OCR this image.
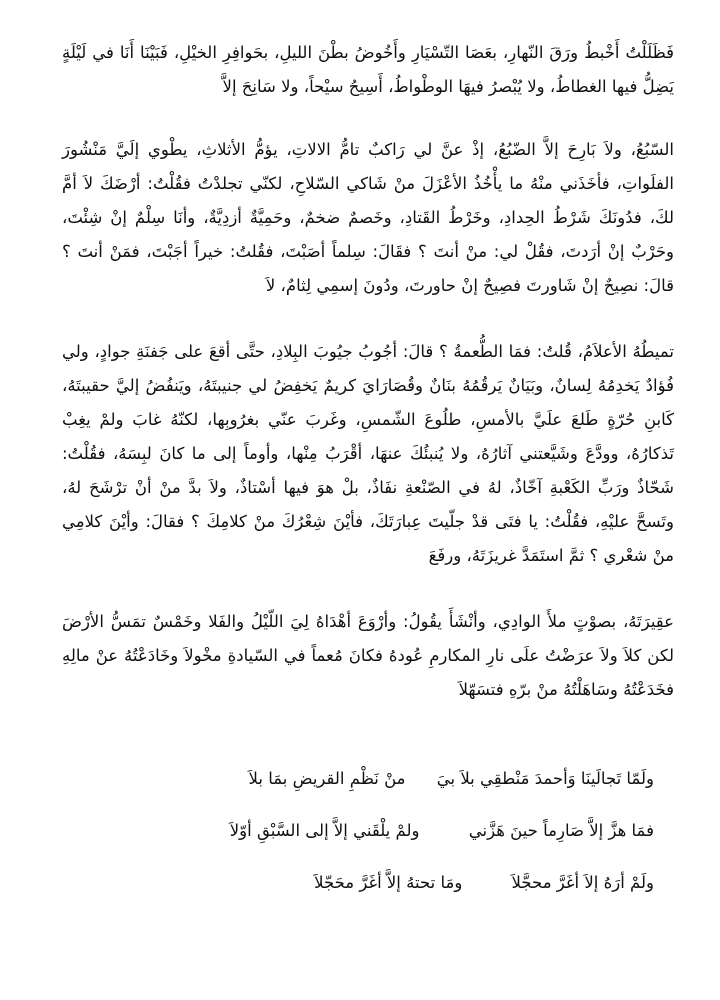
فَظَلَلْتُ أَخْبطُ ورَقَ النّهارِ، بعَصَا التّسْيَارِ وأَخُوضُ بطْنَ الليلِ، بحَوافِرِ الخيْلِ، فَبَيْنَا أَنَا في لَيْلَةٍ يَضِلُّ فيها الغطاطُ، ولا يُبْصرُ فيهَا الوطْواطُ، أَسِيحُ سيْحاً، ولا سَانِحَ إلاَّ

السّبُعُ، ولاَ بَارِحَ إلاَّ الضّبُعُ، إذْ عنَّ لي رَاكبٌ تامُّ الالاتِ، يؤمُّ الأثلاثِ، يطْوي إلَيَّ مَنْشُورَ الفلَواتِ، فأخَذَني منْهُ ما يأْخُذُ الأعْزَلَ منْ شَاكي السّلاحِ، لكنّي تجلدْتُ فقُلْتُ: أرْضَكَ لاَ أمَّ لكَ، فدُونَكَ شَرْطُ الحِدادِ، وخَرْطُ القَتادِ، وخَصمٌ ضخمٌ، وحَمِيَّةٌ أزدِيَّةٌ، وأنَا سِلْمٌ إنْ شِئْتَ، وحَرْبٌ إنْ أرَدتَ، فقُلْ لي: منْ أنتَ ؟ فقَالَ: سِلماً أصَبْتَ، فقُلتُ: خيراً أجَبْتَ، فمَنْ أنتَ ؟ قالَ: نصِيحٌ إنْ شَاورتَ فصِيحٌ إنْ حاورتَ، ودُونَ إسمِي لِثامٌ، لاَ

تميطُهُ الأعلاَمُ، قُلتُ: فمَا الطُّعمةُ ؟ قالَ: أجُوبُ جيُوبَ البِلادِ، حتَّى أقعَ على جَفنَةِ جوادٍ، ولي فُؤادٌ يَخدِمُهُ لِسانٌ، وبَيَانٌ يَرقُمُهُ بنَانٌ وقُصَارَايَ كريمٌ يَخفِضُ لي جنيبتَهُ، ويَنفُضُ إليَّ حقيبتَهُ، كَابنِ حُرّةٍ طَلعَ علَيَّ بالأمسِ، طلُوعَ الشّمسِ، وغَربَ عنّي بغرُوبِها، لكنّهُ غابَ ولمْ يغِبْ تَذكارُهُ، وودَّعَ وشَيَّعتني آثارُهُ، ولا يُنبئُكَ عنهَا، أقْرَبُ مِنْها، وأوماً إلى ما كانَ لبِسَهُ، فقُلْتُ: شَحّاذٌ ورَبِّ الكَعْبةِ آخّاذٌ، لهُ في الصّنْعةِ نفَاذٌ، بلْ هوَ فيها أسْتاذٌ، ولاَ بدَّ منْ أنْ ترْشَحَ لهُ، وتَسحَّ عليْهِ، فقُلْتُ: يا فتَى قدْ جلّيتَ عِبارَتَكَ، فأيْنَ شِعْرُكَ منْ كلامِكَ ؟ فقالَ: وأيْنَ كلامِي منْ شعْري ؟ ثمَّ استَمَدَّ غريزَتَهُ، ورفَعَ

عقِيرَتَهُ، بصوْتٍ ملأَ الوادِي، وأنْشَأَ يقُولُ: وأرْوَعَ أهْدَاهُ لِيَ اللّيْلُ والفَلا وخَمْسٌ تمَسُّ الأرْضَ لكن كلاَ ولاَ عرَضْتُ علَى نارِ المكارمِ عُودهُ فكانَ مُعماً في السّيادةِ مخْولاَ وخَادَعْتُهُ عنْ مالِهِ فخَدَعْتُهُ وسَاهَلْتُهُ منْ برّهِ فتسَهّلاَ

ولَمّا تَجالَينَا وَأحمدَ مَنْطقِي بلاَ بيَ منْ نَظْمِ القريضِ بمَا بلاَ
فمَا هزَّ إلاَّ صَارِماً حينَ هَزَّني ولمْ يلْقَني إلاَّ إلى السَّبْقِ أوّلاَ
ولَمْ أرَهُ إلاَ أغَرَّ محجَّلاَ ومَا تحتهُ إلاَّ أغَرَّ محَجّلاَ
